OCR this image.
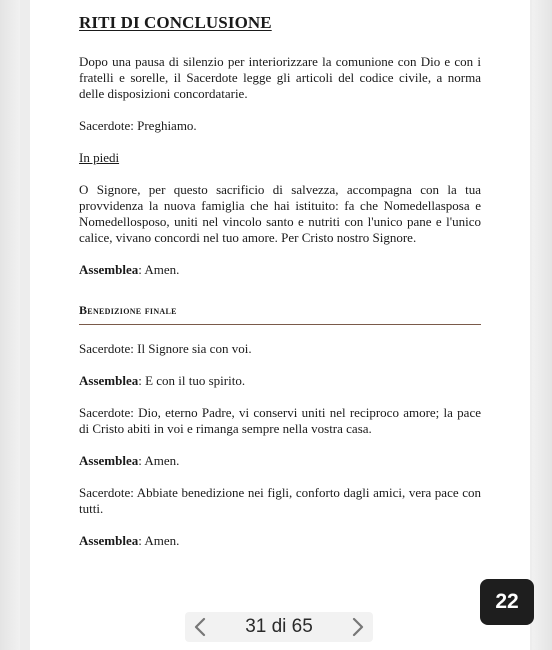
RITI DI CONCLUSIONE

Dopo una pausa di silenzio per interiorizzare la comunione con Dio e con i fratelli e sorelle, il Sacerdote legge gli articoli del codice civile, a norma delle disposizioni concordatarie.

Sacerdote: Preghiamo.

In piedi

O Signore, per questo sacrificio di salvezza, accompagna con la tua provvidenza la nuova famiglia che hai istituito: fa che Nomedellasposa e Nomedellosposo, uniti nel vincolo santo e nutriti con l'unico pane e l'unico calice, vivano concordi nel tuo amore. Per Cristo nostro Signore.

Assemblea: Amen.

Benedizione finale

Sacerdote: Il Signore sia con voi.

Assemblea: E con il tuo spirito.

Sacerdote: Dio, eterno Padre, vi conservi uniti nel reciproco amore; la pace di Cristo abiti in voi e rimanga sempre nella vostra casa.

Assemblea: Amen.

Sacerdote: Abbiate benedizione nei figli, conforto dagli amici, vera pace con tutti.

Assemblea: Amen.

31 di 65
22
